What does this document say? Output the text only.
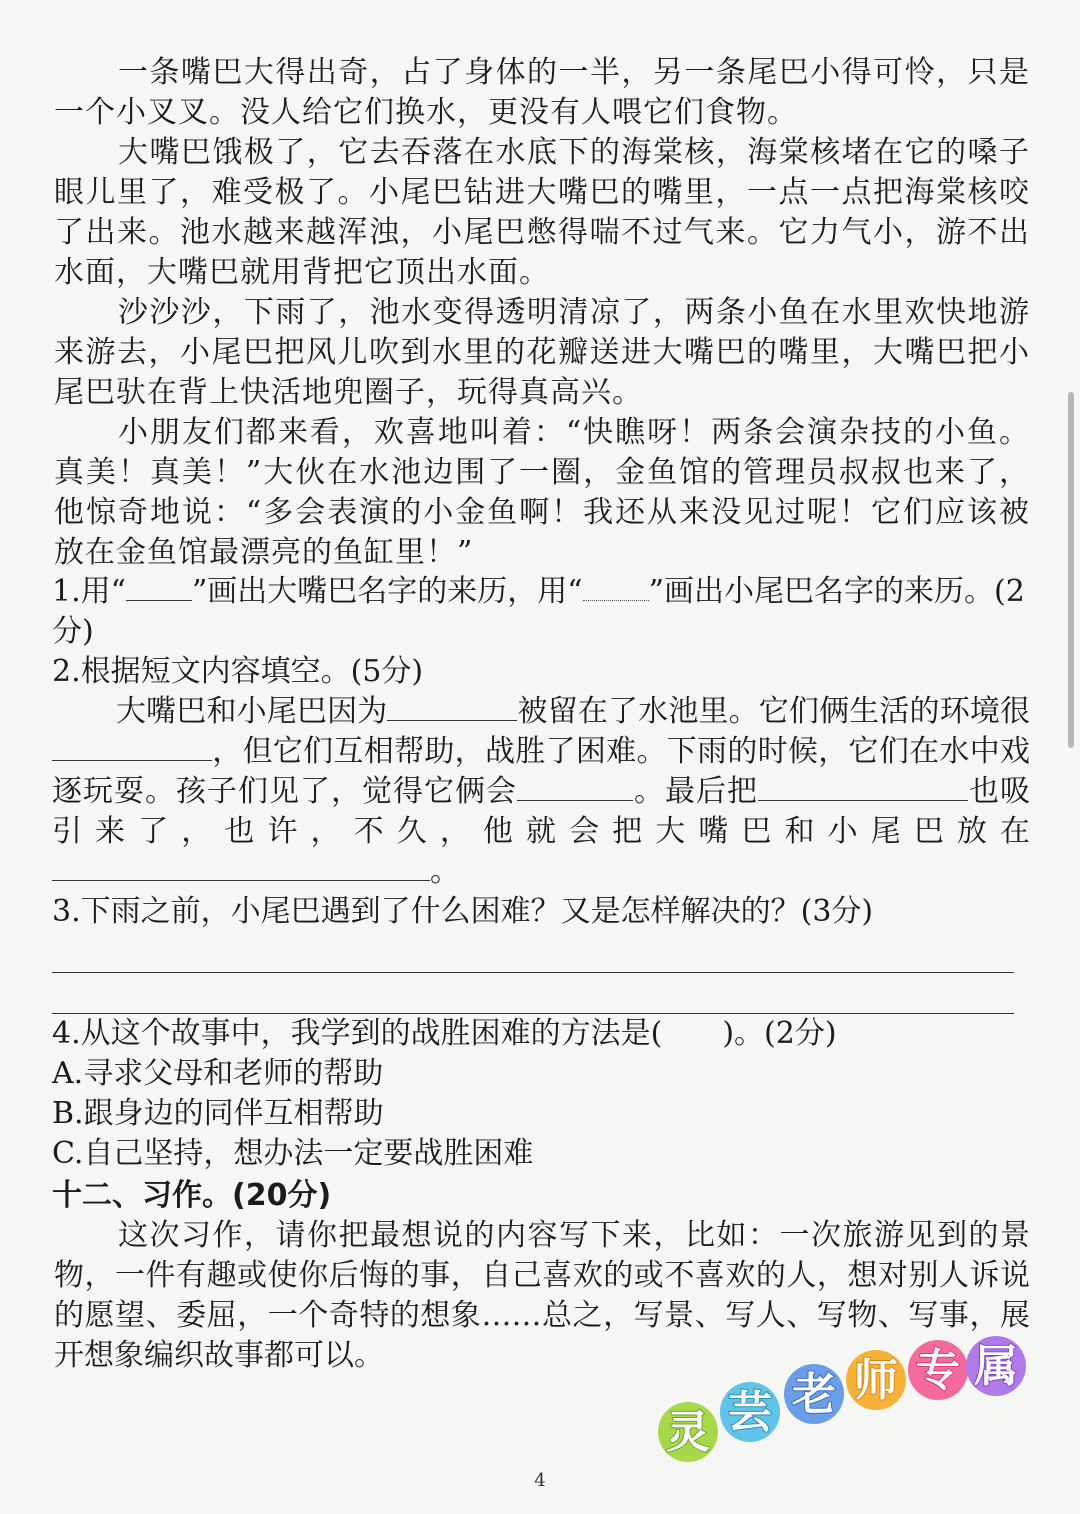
一条嘴巴大得出奇，占了身体的一半，另一条尾巴小得可怜，只是一个小叉叉。没人给它们换水，更没有人喂它们食物。

大嘴巴饿极了，它去吞落在水底下的海棠核，海棠核堵在它的嗓子眼儿里了，难受极了。小尾巴钻进大嘴巴的嘴里，一点一点把海棠核咬了出来。池水越来越浑浊，小尾巴憋得喘不过气来。它力气小，游不出水面，大嘴巴就用背把它顶出水面。

沙沙沙，下雨了，池水变得透明清凉了，两条小鱼在水里欢快地游来游去，小尾巴把风儿吹到水里的花瓣送进大嘴巴的嘴里，大嘴巴把小尾巴驮在背上快活地兜圈子，玩得真高兴。

小朋友们都来看，欢喜地叫着：“快瞧呀！两条会演杂技的小鱼。真美！真美！”大伙在水池边围了一圈，金鱼馆的管理员叔叔也来了，他惊奇地说：“多会表演的小金鱼啊！我还从来没见过呢！它们应该被放在金鱼馆最漂亮的鱼缸里！”

1.用“ ”画出大嘴巴名字的来历，用“ ”画出小尾巴名字的来历。(2分)

2.根据短文内容填空。(5分)

大嘴巴和小尾巴因为	被留在了水池里。它们俩生活的环境很，但它们互相帮助，战胜了困难。下雨的时候，它们在水中戏逐玩耍。孩子们见了，觉得它俩会	。最后把	也吸引来了，也许，不久，他就会把大嘴巴和小尾巴放在。

3.下雨之前，小尾巴遇到了什么困难？又是怎样解决的？(3分)

4.从这个故事中，我学到的战胜困难的方法是(　　)。(2分)

A.寻求父母和老师的帮助

B.跟身边的同伴互相帮助

C.自己坚持，想办法一定要战胜困难

十二、习作。(20分)

这次习作，请你把最想说的内容写下来，比如：一次旅游见到的景物，一件有趣或使你后悔的事，自己喜欢的或不喜欢的人，想对别人诉说的愿望、委屈，一个奇特的想象……总之，写景、写人、写物、写事，展开想象编织故事都可以。

灵 芸 老 师 专 属
4
